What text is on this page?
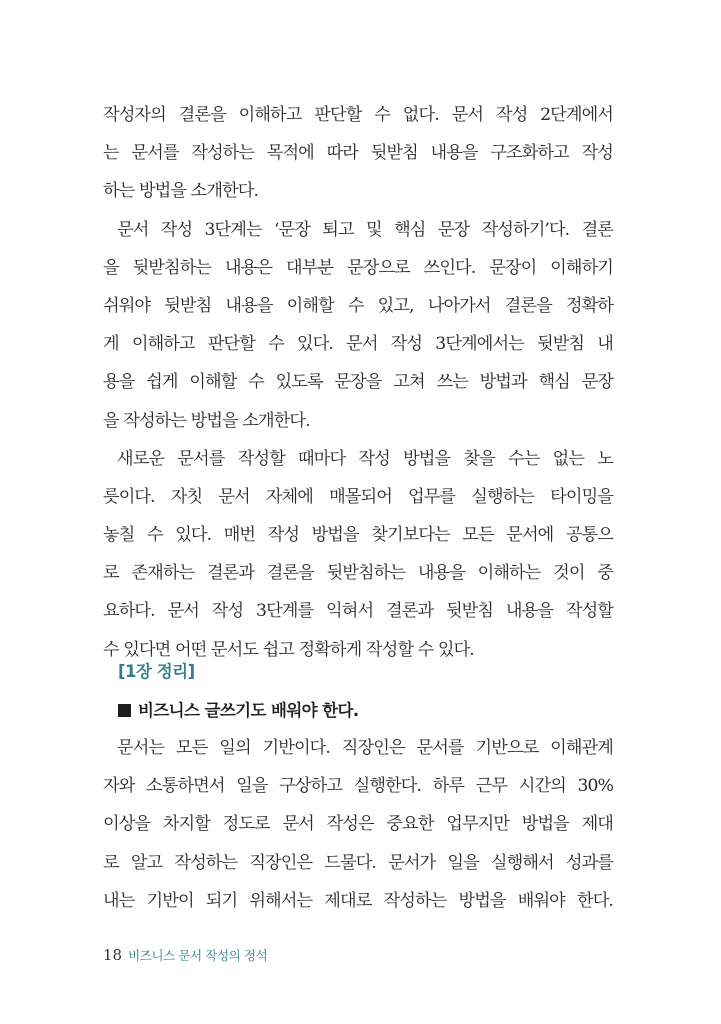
작성자의 결론을 이해하고 판단할 수 없다. 문서 작성 2단계에서
는 문서를 작성하는 목적에 따라 뒷받침 내용을 구조화하고 작성
하는 방법을 소개한다.
문서 작성 3단계는 ‘문장 퇴고 및 핵심 문장 작성하기’다. 결론
을 뒷받침하는 내용은 대부분 문장으로 쓰인다. 문장이 이해하기
쉬워야 뒷받침 내용을 이해할 수 있고, 나아가서 결론을 정확하
게 이해하고 판단할 수 있다. 문서 작성 3단계에서는 뒷받침 내
용을 쉽게 이해할 수 있도록 문장을 고쳐 쓰는 방법과 핵심 문장
을 작성하는 방법을 소개한다.
새로운 문서를 작성할 때마다 작성 방법을 찾을 수는 없는 노
릇이다. 자칫 문서 자체에 매몰되어 업무를 실행하는 타이밍을
놓칠 수 있다. 매번 작성 방법을 찾기보다는 모든 문서에 공통으
로 존재하는 결론과 결론을 뒷받침하는 내용을 이해하는 것이 중
요하다. 문서 작성 3단계를 익혀서 결론과 뒷받침 내용을 작성할
수 있다면 어떤 문서도 쉽고 정확하게 작성할 수 있다.
[1장 정리]
비즈니스 글쓰기도 배워야 한다.
문서는 모든 일의 기반이다. 직장인은 문서를 기반으로 이해관계
자와 소통하면서 일을 구상하고 실행한다. 하루 근무 시간의 30%
이상을 차지할 정도로 문서 작성은 중요한 업무지만 방법을 제대
로 알고 작성하는 직장인은 드물다. 문서가 일을 실행해서 성과를
내는 기반이 되기 위해서는 제대로 작성하는 방법을 배워야 한다.
18 비즈니스 문서 작성의 정석
